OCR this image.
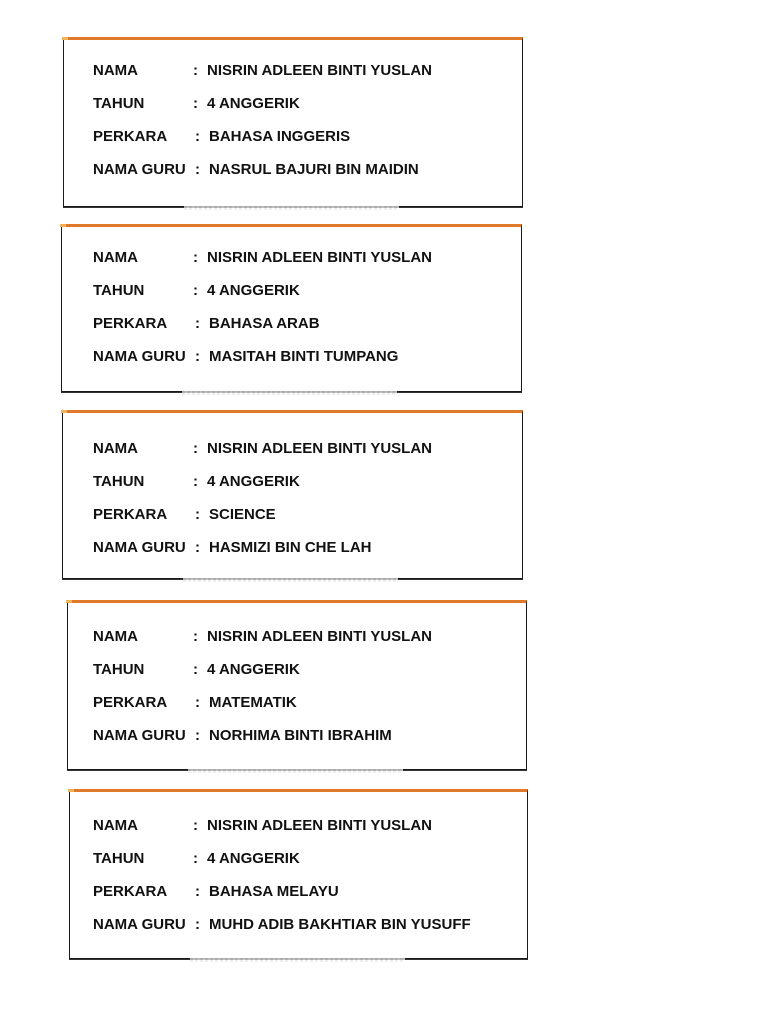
NAMA	: NISRIN ADLEEN BINTI YUSLAN
TAHUN	: 4 ANGGERIK
PERKARA : BAHASA INGGERIS
NAMA GURU : NASRUL BAJURI BIN MAIDIN
NAMA	: NISRIN ADLEEN BINTI YUSLAN
TAHUN	: 4 ANGGERIK
PERKARA : BAHASA ARAB
NAMA GURU : MASITAH BINTI TUMPANG
NAMA	: NISRIN ADLEEN BINTI YUSLAN
TAHUN	: 4 ANGGERIK
PERKARA : SCIENCE
NAMA GURU : HASMIZI BIN CHE LAH
NAMA	: NISRIN ADLEEN BINTI YUSLAN
TAHUN	: 4 ANGGERIK
PERKARA : MATEMATIK
NAMA GURU : NORHIMA BINTI IBRAHIM
NAMA	: NISRIN ADLEEN BINTI YUSLAN
TAHUN	: 4 ANGGERIK
PERKARA : BAHASA MELAYU
NAMA GURU : MUHD ADIB BAKHTIAR BIN YUSUFF
